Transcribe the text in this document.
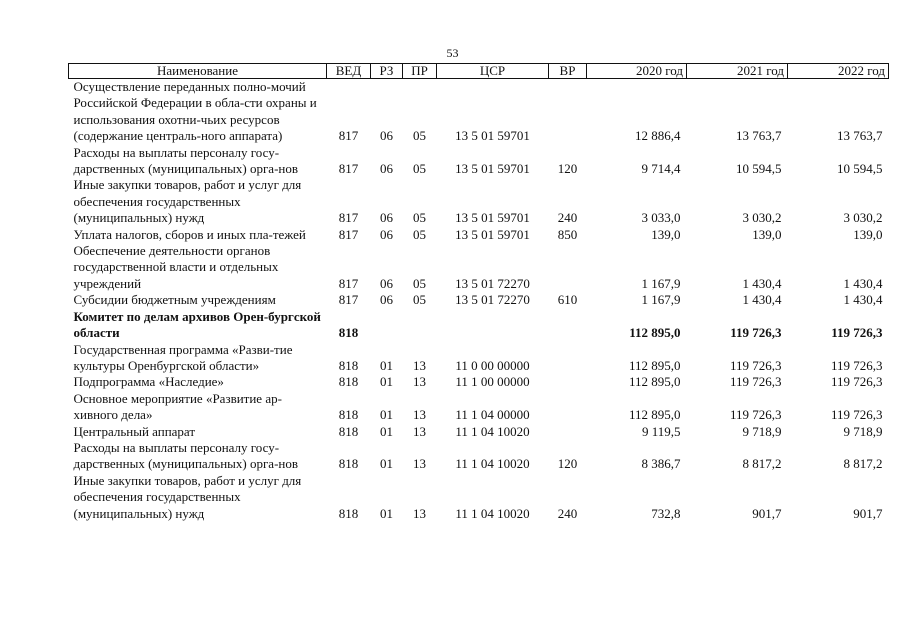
53
Наименование	ВЕД	РЗ	ПР	ЦСР	ВР	2020 год	2021 год	2022 год
Осуществление переданных полно-мочий Российской Федерации в обла-сти охраны и использования охотни-чьих ресурсов (содержание централь-ного аппарата)	817	06	05	13 5 01 59701		12 886,4	13 763,7	13 763,7
Расходы на выплаты персоналу госу-дарственных (муниципальных) орга-нов	817	06	05	13 5 01 59701	120	9 714,4	10 594,5	10 594,5
Иные закупки товаров, работ и услуг для обеспечения государственных (муниципальных) нужд	817	06	05	13 5 01 59701	240	3 033,0	3 030,2	3 030,2
Уплата налогов, сборов и иных пла-тежей	817	06	05	13 5 01 59701	850	139,0	139,0	139,0
Обеспечение деятельности органов государственной власти и отдельных учреждений	817	06	05	13 5 01 72270		1 167,9	1 430,4	1 430,4
Субсидии бюджетным учреждениям	817	06	05	13 5 01 72270	610	1 167,9	1 430,4	1 430,4
Комитет по делам архивов Орен-бургской области	818					112 895,0	119 726,3	119 726,3
Государственная программа «Разви-тие культуры Оренбургской области»	818	01	13	11 0 00 00000		112 895,0	119 726,3	119 726,3
Подпрограмма «Наследие»	818	01	13	11 1 00 00000		112 895,0	119 726,3	119 726,3
Основное мероприятие «Развитие ар-хивного дела»	818	01	13	11 1 04 00000		112 895,0	119 726,3	119 726,3
Центральный аппарат	818	01	13	11 1 04 10020		9 119,5	9 718,9	9 718,9
Расходы на выплаты персоналу госу-дарственных (муниципальных) орга-нов	818	01	13	11 1 04 10020	120	8 386,7	8 817,2	8 817,2
Иные закупки товаров, работ и услуг для обеспечения государственных (муниципальных) нужд	818	01	13	11 1 04 10020	240	732,8	901,7	901,7
